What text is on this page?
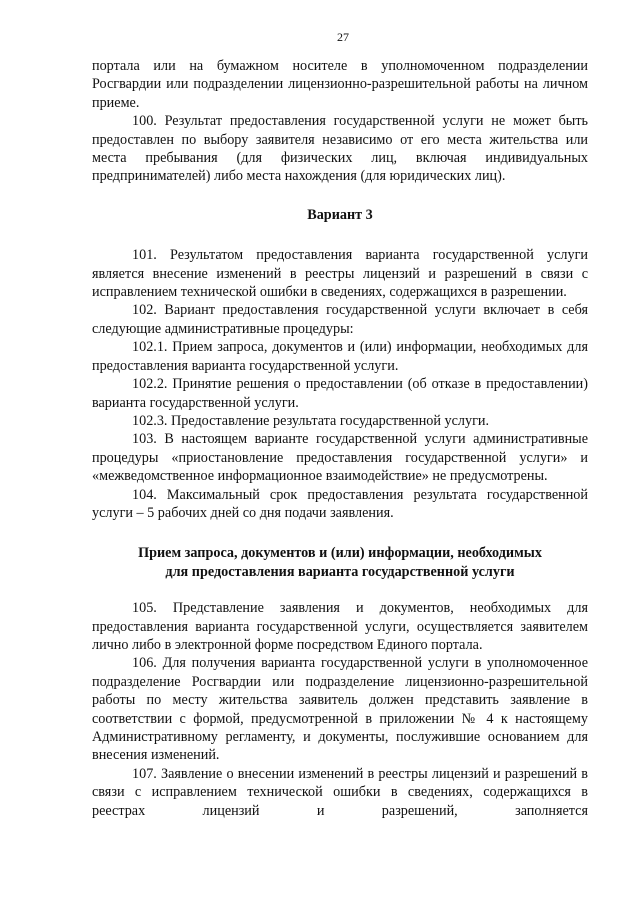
27

портала или на бумажном носителе в уполномоченном подразделении Росгвардии или подразделении лицензионно-разрешительной работы на личном приеме.

100. Результат предоставления государственной услуги не может быть предоставлен по выбору заявителя независимо от его места жительства или места пребывания (для физических лиц, включая индивидуальных предпринимателей) либо места нахождения (для юридических лиц).

Вариант 3

101. Результатом предоставления варианта государственной услуги является внесение изменений в реестры лицензий и разрешений в связи с исправлением технической ошибки в сведениях, содержащихся в разрешении.

102. Вариант предоставления государственной услуги включает в себя следующие административные процедуры:

102.1. Прием запроса, документов и (или) информации, необходимых для предоставления варианта государственной услуги.

102.2. Принятие решения о предоставлении (об отказе в предоставлении) варианта государственной услуги.

102.3. Предоставление результата государственной услуги.

103. В настоящем варианте государственной услуги административные процедуры «приостановление предоставления государственной услуги» и «межведомственное информационное взаимодействие» не предусмотрены.

104. Максимальный срок предоставления результата государственной услуги – 5 рабочих дней со дня подачи заявления.

Прием запроса, документов и (или) информации, необходимых
для предоставления варианта государственной услуги

105. Представление заявления и документов, необходимых для предоставления варианта государственной услуги, осуществляется заявителем лично либо в электронной форме посредством Единого портала.

106. Для получения варианта государственной услуги в уполномоченное подразделение Росгвардии или подразделение лицензионно-разрешительной работы по месту жительства заявитель должен представить заявление в соответствии с формой, предусмотренной в приложении № 4 к настоящему Административному регламенту, и документы, послужившие основанием для внесения изменений.

107. Заявление о внесении изменений в реестры лицензий и разрешений в связи с исправлением технической ошибки в сведениях, содержащихся в реестрах лицензий и разрешений, заполняется
